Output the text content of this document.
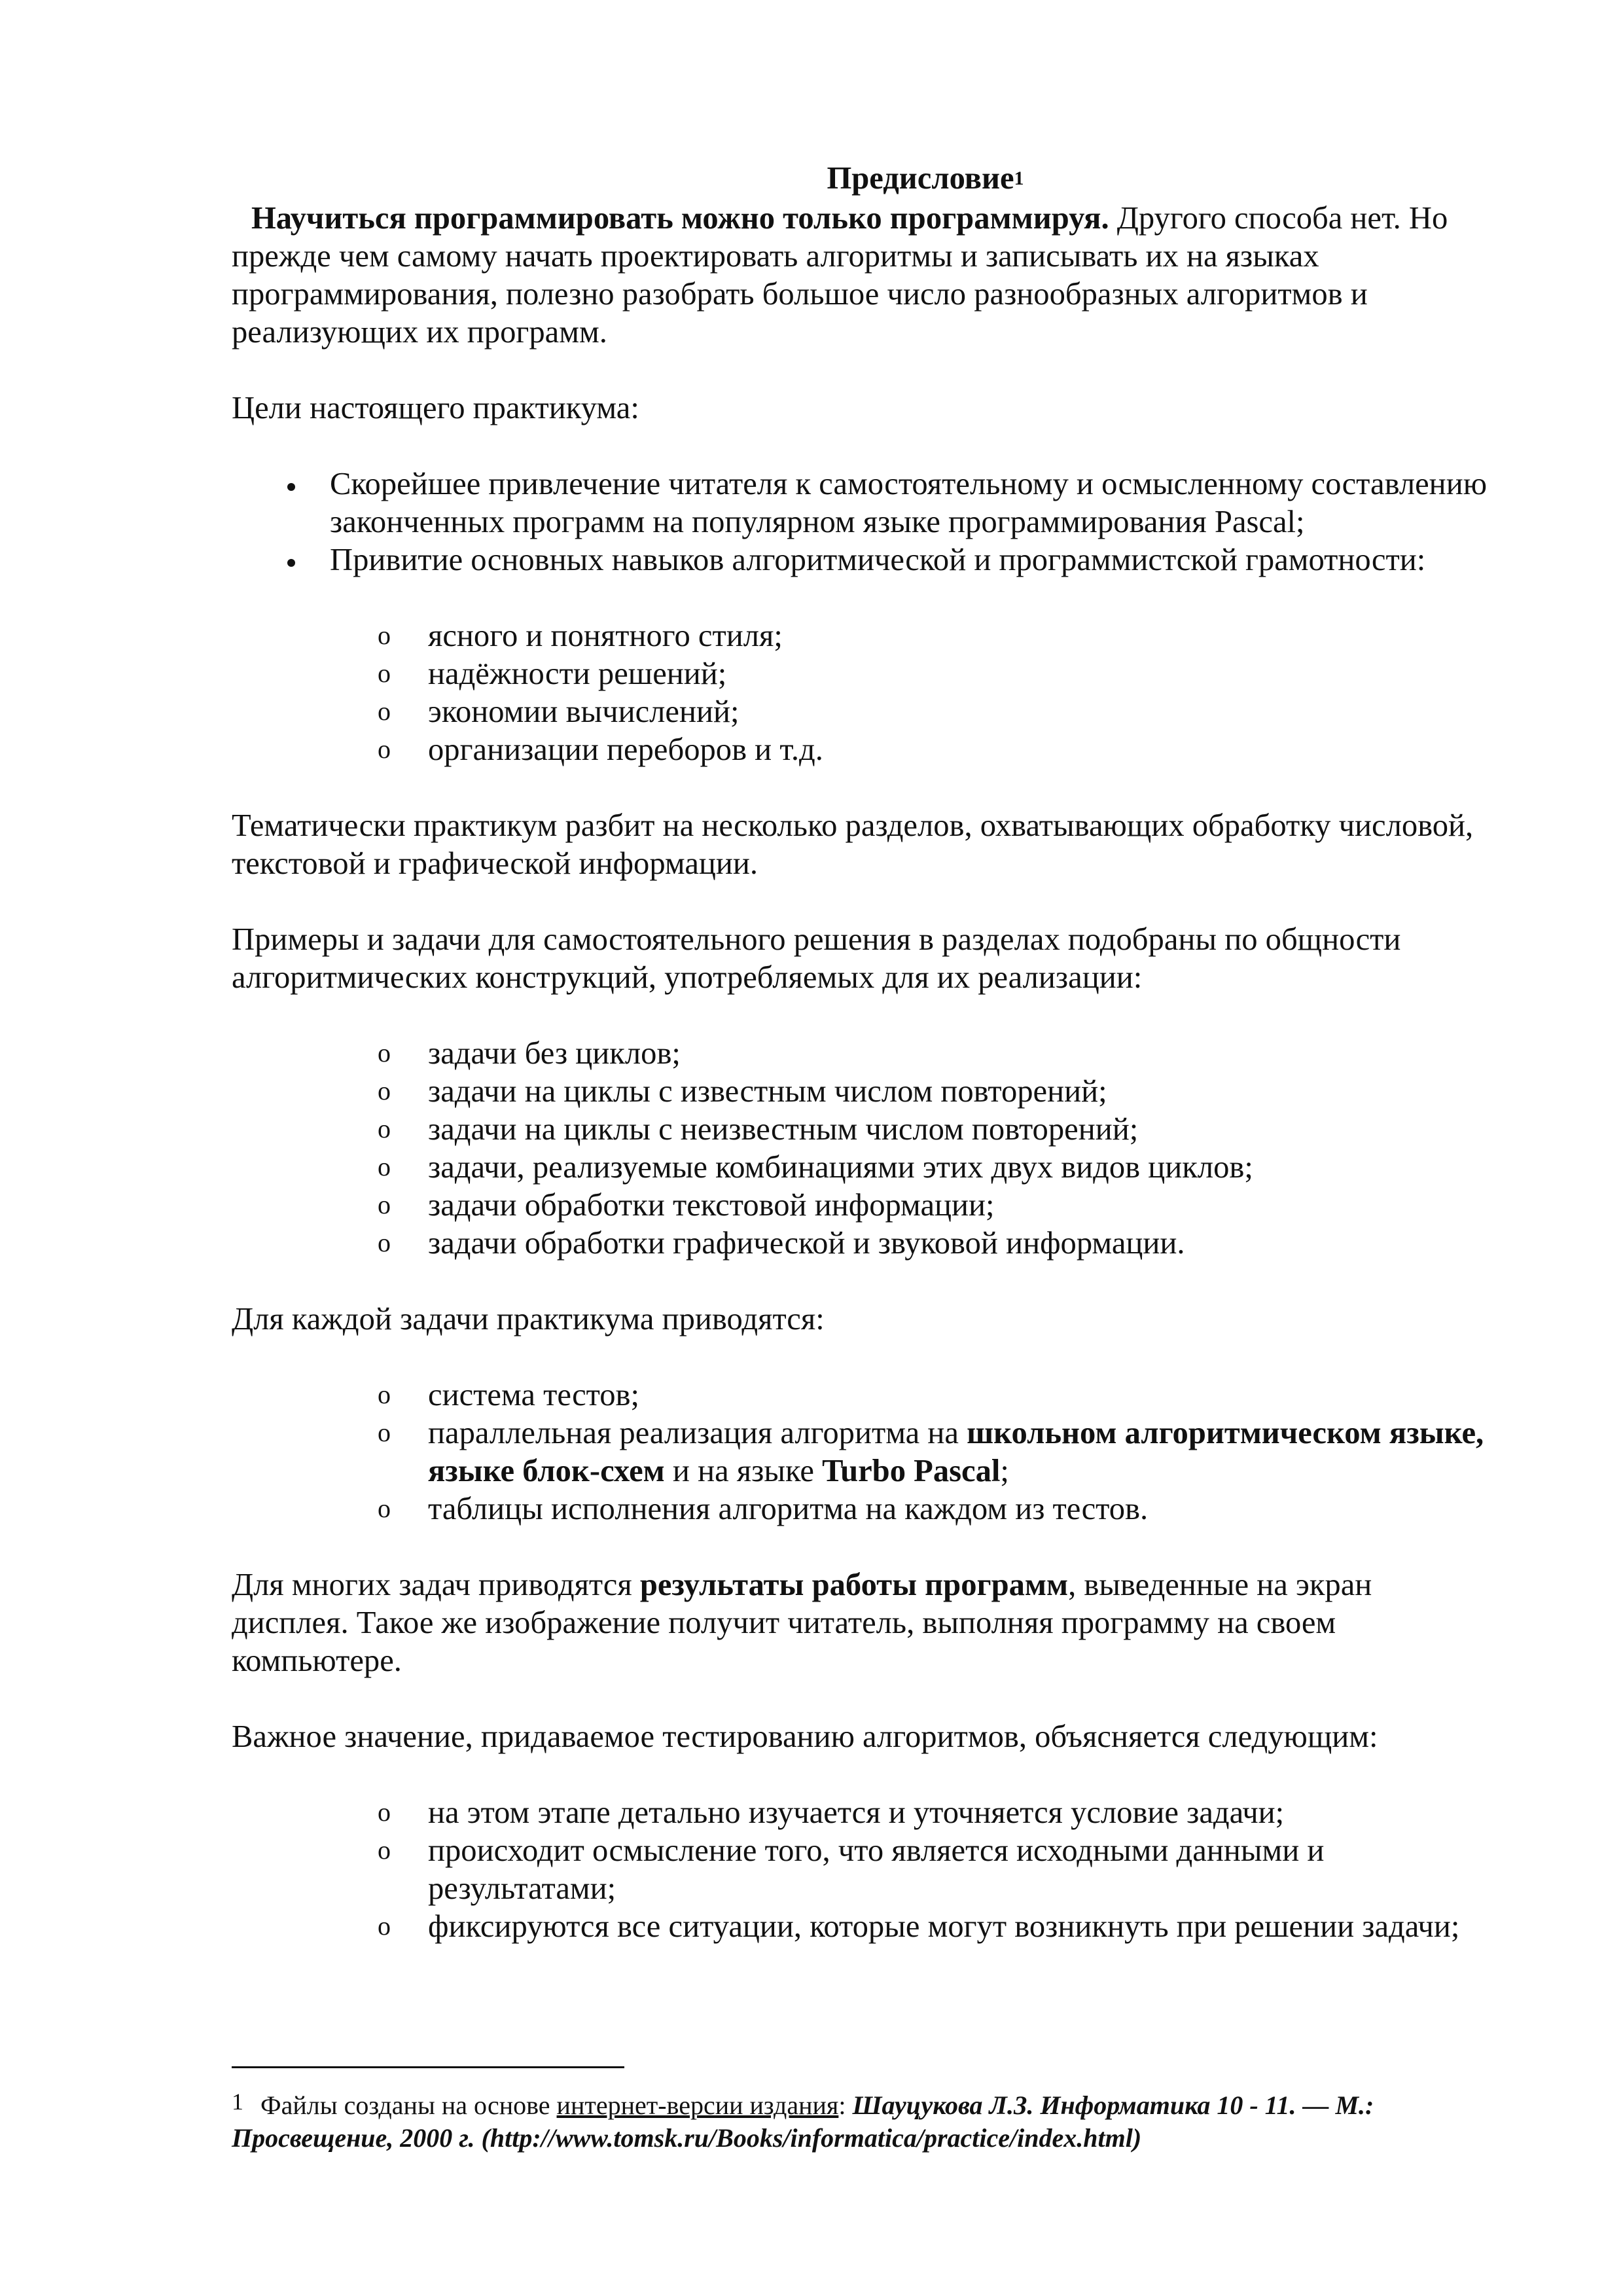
Предисловие$^1$

Научиться программировать можно только программируя. Другого способа нет. Но прежде чем самому начать проектировать алгоритмы и записывать их на языках программирования, полезно разобрать большое число разнообразных алгоритмов и реализующих их программ.

Цели настоящего практикума:

Скорейшее привлечение читателя к самостоятельному и осмысленному составлению законченных программ на популярном языке программирования Pascal;
Привитие основных навыков алгоритмической и программистской грамотности:
o
ясного и понятного стиля;
o
надёжности решений;
o
экономии вычислений;
o
организации переборов и т.д.

Тематически практикум разбит на несколько разделов, охватывающих обработку числовой, текстовой и графической информации.

Примеры и задачи для самостоятельного решения в разделах подобраны по общности алгоритмических конструкций, употребляемых для их реализации:

o
задачи без циклов;
o
задачи на циклы с известным числом повторений;
o
задачи на циклы с неизвестным числом повторений;
o
задачи, реализуемые комбинациями этих двух видов циклов;
o
задачи обработки текстовой информации;
o
задачи обработки графической и звуковой информации.

Для каждой задачи практикума приводятся:

o
система тестов;
o
параллельная реализация алгоритма на школьном алгоритмическом языке, языке блок-схем и на языке Turbo Pascal;
o
таблицы исполнения алгоритма на каждом из тестов.

Для многих задач приводятся результаты работы программ, выведенные на экран дисплея. Такое же изображение получит читатель, выполняя программу на своем компьютере.

Важное значение, придаваемое тестированию алгоритмов, объясняется следующим:

o
на этом этапе детально изучается и уточняется условие задачи;
o
происходит осмысление того, что является исходными данными и результатами;
o
фиксируются все ситуации, которые могут возникнуть при решении задачи;
$^1$ Файлы созданы на основе интернет-версии издания: Шауцукова Л.З. Информатика 10 - 11. — М.: Просвещение, 2000 г. (http://www.tomsk.ru/Books/informatica/practice/index.html)
